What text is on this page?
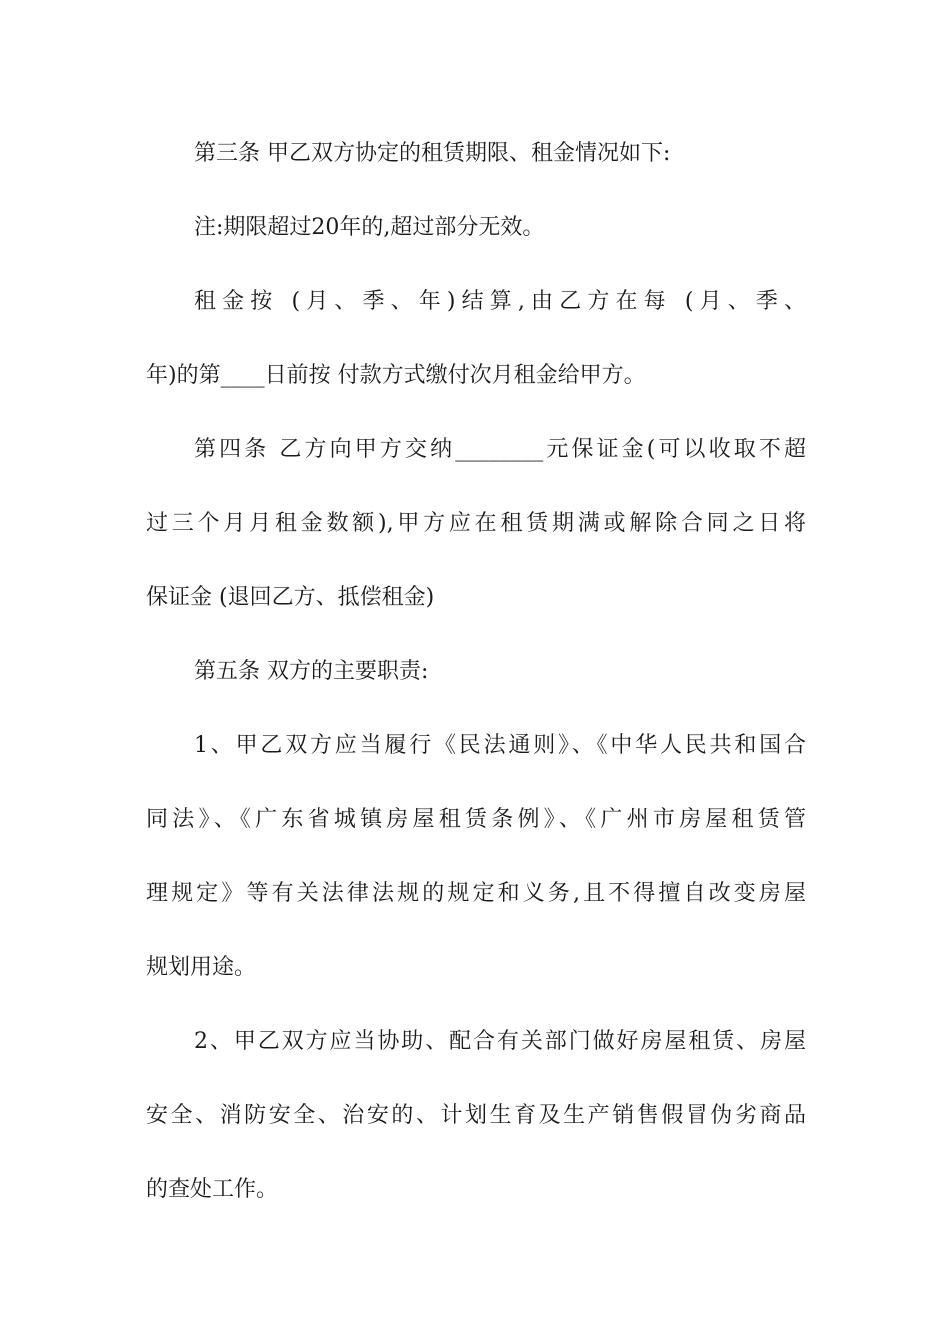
第三条 甲乙双方协定的租赁期限、租金情况如下:
注:期限超过20年的,超过部分无效。
租金按 (月、季、年)结算,由乙方在每 (月、季、
年)的第____日前按 付款方式缴付次月租金给甲方。
第四条 乙方向甲方交纳________元保证金(可以收取不超
过三个月月租金数额),甲方应在租赁期满或解除合同之日将
保证金 (退回乙方、抵偿租金)
第五条 双方的主要职责:
1、甲乙双方应当履行《民法通则》、《中华人民共和国合
同法》、《广东省城镇房屋租赁条例》、《广州市房屋租赁管
理规定》等有关法律法规的规定和义务,且不得擅自改变房屋
规划用途。
2、甲乙双方应当协助、配合有关部门做好房屋租赁、房屋
安全、消防安全、治安的、计划生育及生产销售假冒伪劣商品
的查处工作。
